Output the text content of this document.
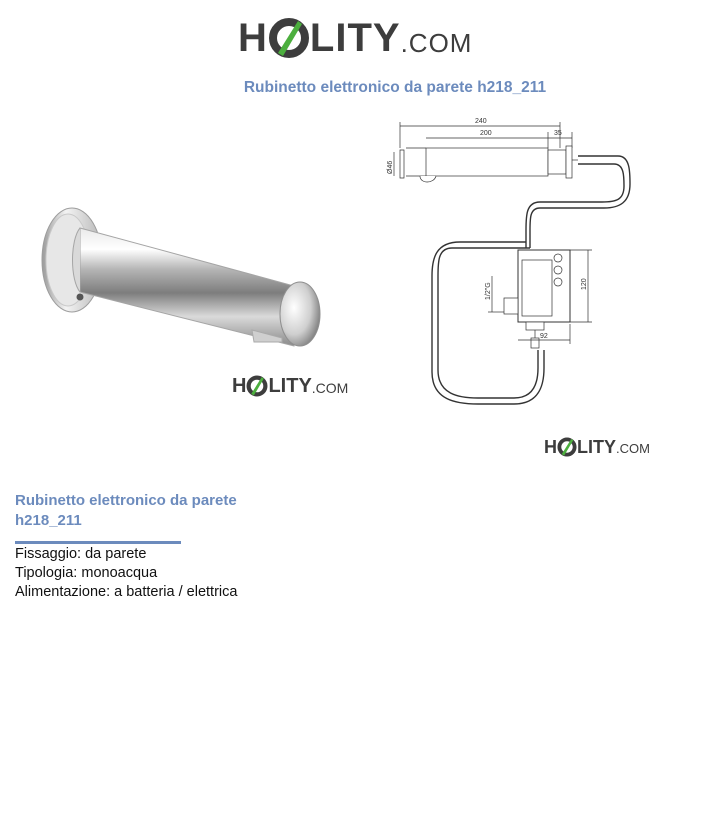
H LITY .COM
Rubinetto elettronico da parete h218_211
H LITY .COM
240
200	35
Ø46
1/2"G	120
92
H LITY .COM
Rubinetto elettronico da parete h218_211
Fissaggio: da parete
Tipologia: monoacqua
Alimentazione: a batteria / elettrica
